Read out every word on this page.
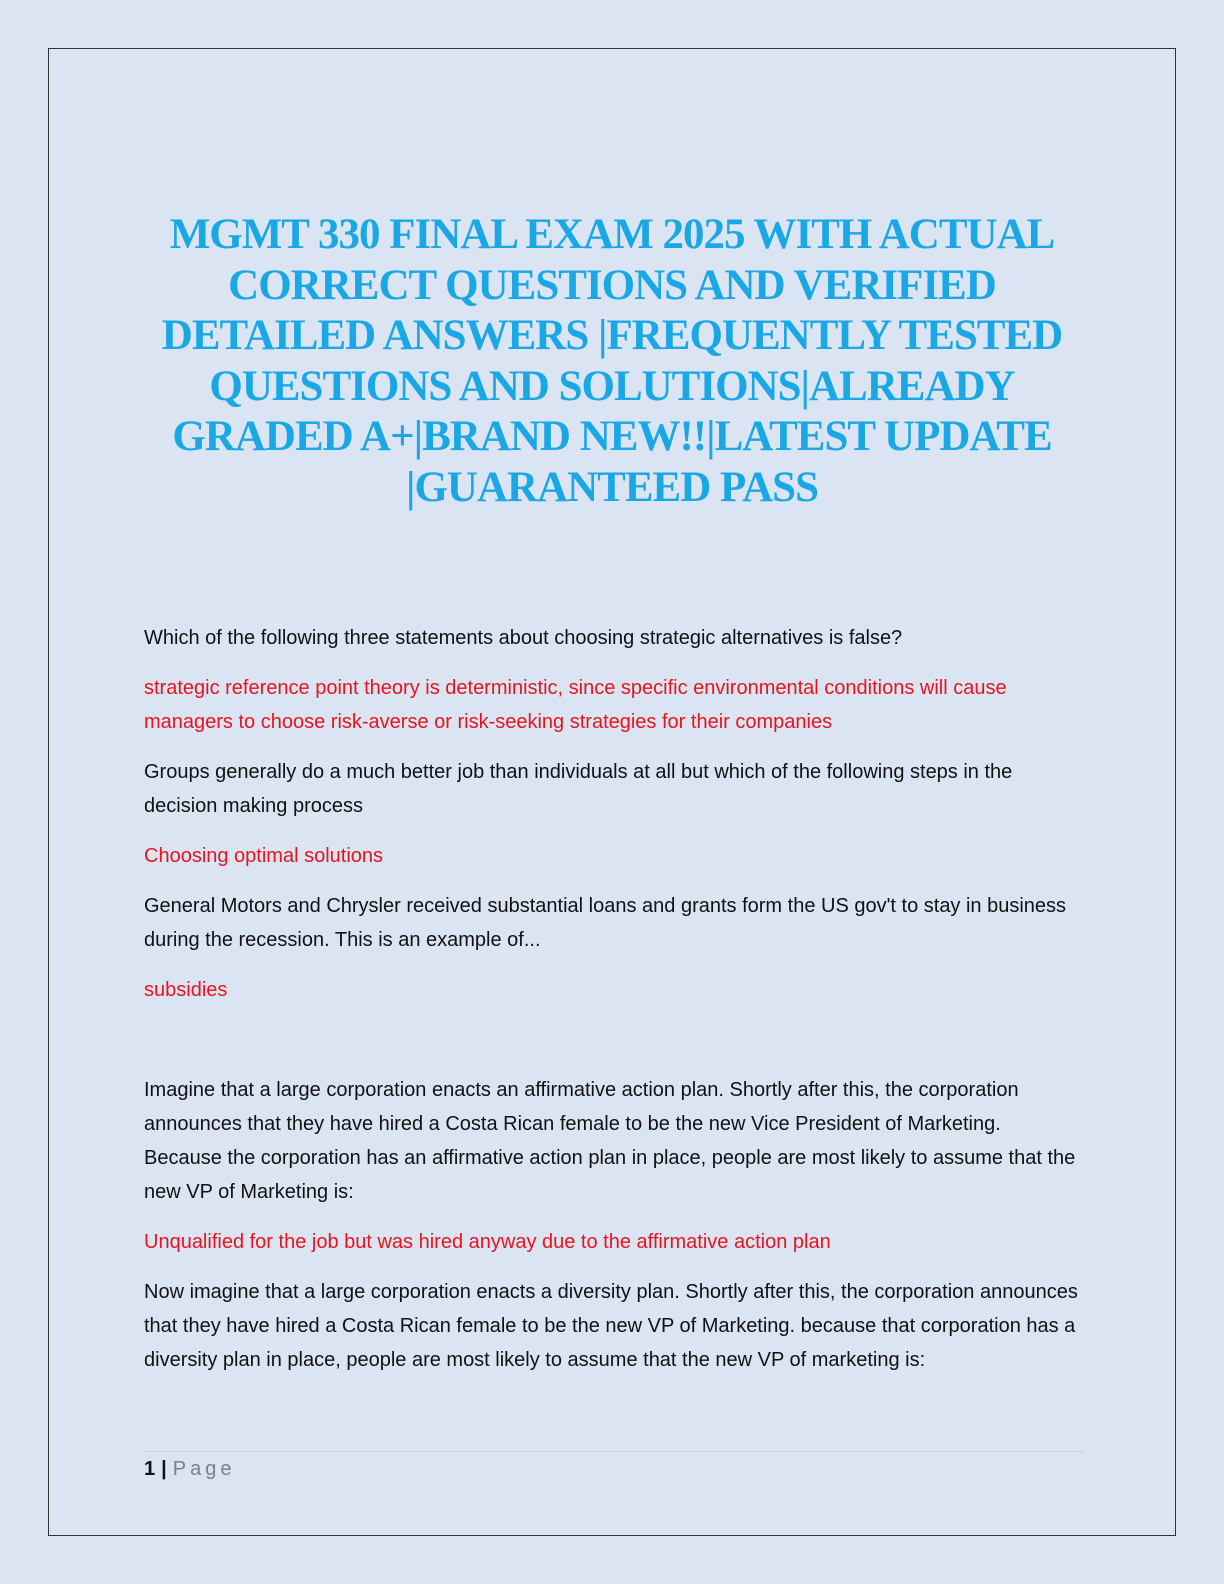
MGMT 330 FINAL EXAM 2025 WITH ACTUAL CORRECT QUESTIONS AND VERIFIED DETAILED ANSWERS |FREQUENTLY TESTED QUESTIONS AND SOLUTIONS|ALREADY GRADED A+|BRAND NEW!!|LATEST UPDATE |GUARANTEED PASS

Which of the following three statements about choosing strategic alternatives is false?

strategic reference point theory is deterministic, since specific environmental conditions will cause managers to choose risk-averse or risk-seeking strategies for their companies

Groups generally do a much better job than individuals at all but which of the following steps in the decision making process

Choosing optimal solutions

General Motors and Chrysler received substantial loans and grants form the US gov't to stay in business during the recession. This is an example of...

subsidies

Imagine that a large corporation enacts an affirmative action plan. Shortly after this, the corporation announces that they have hired a Costa Rican female to be the new Vice President of Marketing. Because the corporation has an affirmative action plan in place, people are most likely to assume that the new VP of Marketing is:

Unqualified for the job but was hired anyway due to the affirmative action plan

Now imagine that a large corporation enacts a diversity plan. Shortly after this, the corporation announces that they have hired a Costa Rican female to be the new VP of Marketing. because that corporation has a diversity plan in place, people are most likely to assume that the new VP of marketing is:

1 | Page
